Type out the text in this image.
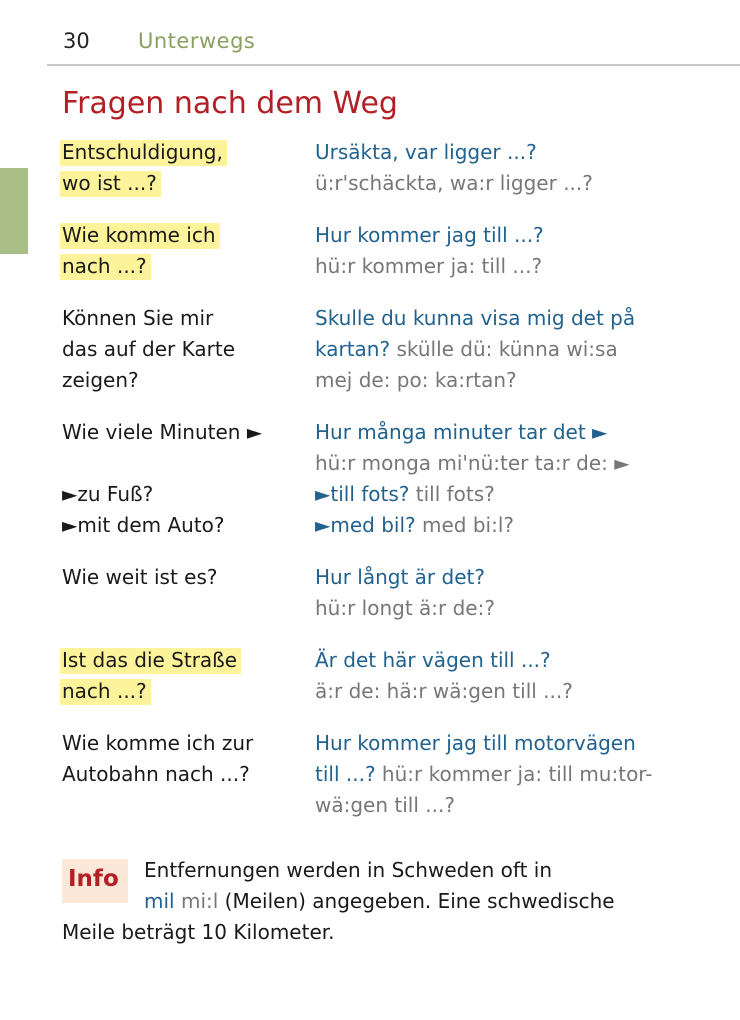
30 Unterwegs
Fragen nach dem Weg
Entschuldigung,
wo ist ...?
Ursäkta, var ligger ...?
ü:r'schäckta, wa:r ligger ...?
Wie komme ich
nach ...?
Hur kommer jag till ...?
hü:r kommer ja: till ...?
Können Sie mir
das auf der Karte
zeigen?
Skulle du kunna visa mig det på
kartan? skülle dü: künna wi:sa
mej de: po: ka:rtan?
Wie viele Minuten ►

►zu Fuß?
►mit dem Auto?
Hur många minuter tar det ►
hü:r monga mi'nü:ter ta:r de: ►
►till fots? till fots?
►med bil? med bi:l?
Wie weit ist es?	Hur långt är det?
hü:r longt ä:r de:?
Ist das die Straße
nach ...?
Är det här vägen till ...?
ä:r de: hä:r wä:gen till ...?
Wie komme ich zur
Autobahn nach ...?
Hur kommer jag till motorvägen
till ...? hü:r kommer ja: till mu:tor-
wä:gen till ...?
Info	Entfernungen werden in Schweden oft in
mil mi:l (Meilen) angegeben. Eine schwedische
Meile beträgt 10 Kilometer.
